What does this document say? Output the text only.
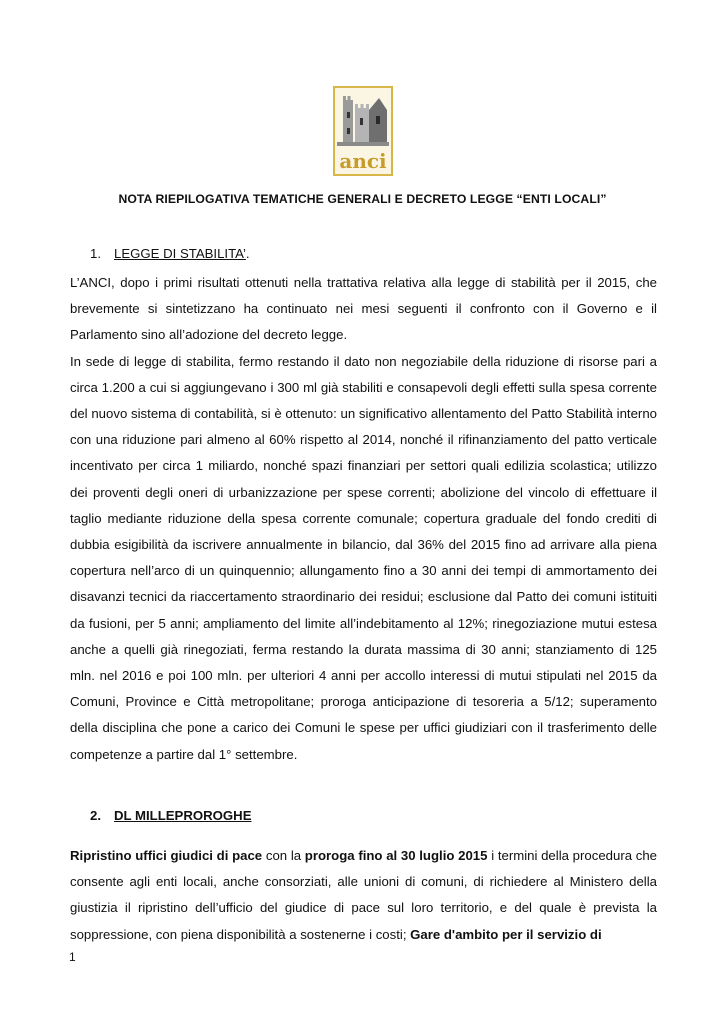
anci
NOTA RIEPILOGATIVA TEMATICHE GENERALI E DECRETO LEGGE “ENTI LOCALI”
1. LEGGE DI STABILITA’.

L’ANCI, dopo i primi risultati ottenuti nella trattativa relativa alla legge di stabilità per il 2015, che brevemente si sintetizzano ha continuato nei mesi seguenti il confronto con il Governo e il Parlamento sino all’adozione del decreto legge.

In sede di legge di stabilita, fermo restando il dato non negoziabile della riduzione di risorse pari a circa 1.200 a cui si aggiungevano i 300 ml già stabiliti e consapevoli degli effetti sulla spesa corrente del nuovo sistema di contabilità, si è ottenuto: un significativo allentamento del Patto Stabilità interno con una riduzione pari almeno al 60% rispetto al 2014, nonché il rifinanziamento del patto verticale incentivato per circa 1 miliardo, nonché spazi finanziari per settori quali edilizia scolastica; utilizzo dei proventi degli oneri di urbanizzazione per spese correnti; abolizione del vincolo di effettuare il taglio mediante riduzione della spesa corrente comunale; copertura graduale del fondo crediti di dubbia esigibilità da iscrivere annualmente in bilancio, dal 36% del 2015 fino ad arrivare alla piena copertura nell’arco di un quinquennio; allungamento fino a 30 anni dei tempi di ammortamento dei disavanzi tecnici da riaccertamento straordinario dei residui; esclusione dal Patto dei comuni istituiti da fusioni, per 5 anni; ampliamento del limite all’indebitamento al 12%; rinegoziazione mutui estesa anche a quelli già rinegoziati, ferma restando la durata massima di 30 anni; stanziamento di 125 mln. nel 2016 e poi 100 mln. per ulteriori 4 anni per accollo interessi di mutui stipulati nel 2015 da Comuni, Province e Città metropolitane; proroga anticipazione di tesoreria a 5/12; superamento della disciplina che pone a carico dei Comuni le spese per uffici giudiziari con il trasferimento delle competenze a partire dal 1° settembre.

2. DL MILLEPROROGHE

Ripristino uffici giudici di pace con la proroga fino al 30 luglio 2015 i termini della procedura che consente agli enti locali, anche consorziati, alle unioni di comuni, di richiedere al Ministero della giustizia il ripristino dell’ufficio del giudice di pace sul loro territorio, e del quale è prevista la soppressione, con piena disponibilità a sostenerne i costi; Gare d'ambito per il servizio di

1
